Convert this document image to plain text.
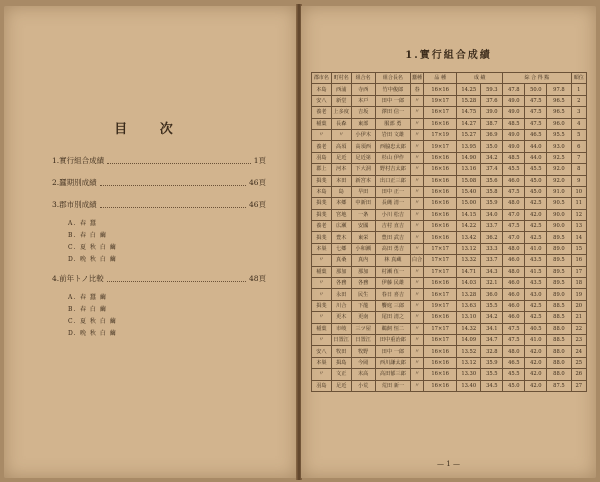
目 次
1.實行組合成績	1頁
2.蠶期別成績	46頁
3.郡市別成績	46頁
A. 春 蠶
B. 春 白 繭
C. 夏 秋 白 繭
D. 晩 秋 白 繭
4.前年トノ比較	48頁
A. 春 蠶 繭
B. 春 白 繭
C. 夏 秋 白 繭
D. 晩 秋 白 繭
1.實行組合成績
郡市名	町村名	組合名	組合長名	蠶種	品 種	成 績		綜 合 得 點			順位
本島	西浦	寺西	竹中俊郎	春	16×16	14.25	59.3	47.8	50.0	97.8	1
安八	新堂	本戸	田中 一郎	〃	19×17	15.28	37.6	49.0	47.5	96.5	2
養老	上多度	吉坂	澤田 信一	〃	16×17	14.75	39.0	49.0	47.5	96.5	3
稲葉	長森	東部	服部 勇	〃	16×16	14.27	38.7	48.5	47.5	96.0	4
〃	〃	小伊木	岩田 文雄	〃	17×19	15.27	36.9	49.0	46.5	95.5	5
養老	高須	高須西	西脇忠太郎	〃	19×17	13.95	35.0	49.0	44.0	93.0	6
羽島	足近	足近第	杉山 伊作	〃	16×16	14.90	34.2	48.5	44.0	92.5	7
郡上	河本	下大洞	野村吉太郎	〃	16×16	13.16	37.4	45.5	45.5	92.0	8
揖斐	本田	新宮本	出口正三郎	〃	16×16	15.08	35.6	46.0	45.0	92.0	9
本島	島	早田	田中 正一	〃	16×16	15.40	35.8	47.5	45.0	91.0	10
揖斐	本郷	中新田	長縄 清一	〃	16×16	15.00	35.9	48.0	42.5	90.5	11
揖斐	宮地	一条	小川 松吉	〃	16×16	14.15	34.0	47.0	42.0	90.0	12
養老	広瀬	安國	吉村 直吉	〃	16×16	14.22	33.7	47.5	42.5	90.0	13
揖斐	豊木	東栄	豊田 武吉	〃	16×16	13.42	36.2	47.0	42.5	89.5	14
本巣	七郷	小和瀬	高田 勇吉	〃	17×17	13.12	33.3	48.0	41.0	89.0	15
〃	真桑	真内	林 真蔵	白合	17×17	13.32	33.7	46.0	43.5	89.5	16
稲葉	那加	那加	村瀬 伍一	〃	17×17	14.71	34.3	48.0	41.5	89.5	17
〃	各務	各務	伊藤 民雄	〃	16×16	14.03	32.1	46.0	43.5	89.5	18
〃	永田	民生	春日 喜吉	〃	16×17	13.28	36.0	46.0	43.0	89.0	19
揖斐	川合	下龍	饗庭 三郎	〃	19×17	13.63	35.5	46.0	42.5	88.5	20
〃	更木	更南	尾田 清之	〃	16×16	13.10	34.2	46.0	42.5	88.5	21
稲葉	市岐	三ツ屋	鵜飼 恒二	〃	17×17	14.32	34.1	47.5	40.5	88.0	22
〃	日置江	日置江	田中重治郎	〃	16×17	14.09	34.7	47.5	41.0	88.5	23
安八	牧田	牧野	田中 一郎	〃	16×16	13.52	32.8	48.0	42.0	88.0	24
本巣	揖島	今岡	西川謙太郎	〃	16×16	13.12	35.9	46.5	42.0	88.0	25
〃	文正	末高	高田郁三郎	〃	16×16	13.30	35.5	45.5	42.0	88.0	26
羽島	足近	小荒	荒田 新一	〃	16×16	13.40	34.5	45.0	42.0	87.5	27
— 1 —
